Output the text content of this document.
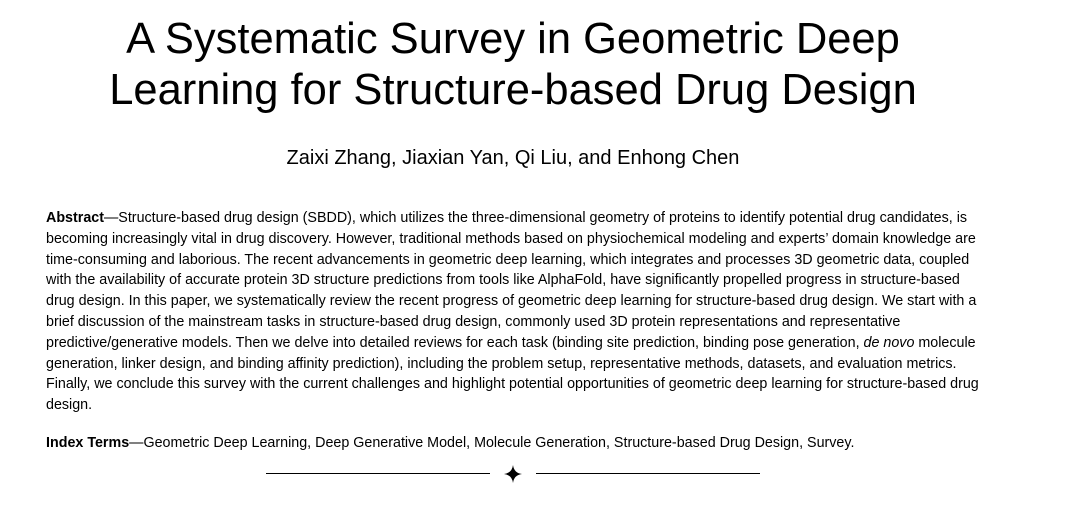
A Systematic Survey in Geometric Deep
Learning for Structure-based Drug Design

Zaixi Zhang, Jiaxian Yan, Qi Liu, and Enhong Chen

Abstract—Structure-based drug design (SBDD), which utilizes the three-dimensional geometry of proteins to identify potential drug candidates, is becoming increasingly vital in drug discovery. However, traditional methods based on physiochemical modeling and experts’ domain knowledge are time-consuming and laborious. The recent advancements in geometric deep learning, which integrates and processes 3D geometric data, coupled with the availability of accurate protein 3D structure predictions from tools like AlphaFold, have significantly propelled progress in structure-based drug design. In this paper, we systematically review the recent progress of geometric deep learning for structure-based drug design. We start with a brief discussion of the mainstream tasks in structure-based drug design, commonly used 3D protein representations and representative predictive/generative models. Then we delve into detailed reviews for each task (binding site prediction, binding pose generation, de novo molecule generation, linker design, and binding affinity prediction), including the problem setup, representative methods, datasets, and evaluation metrics. Finally, we conclude this survey with the current challenges and highlight potential opportunities of geometric deep learning for structure-based drug design.

Index Terms—Geometric Deep Learning, Deep Generative Model, Molecule Generation, Structure-based Drug Design, Survey.
